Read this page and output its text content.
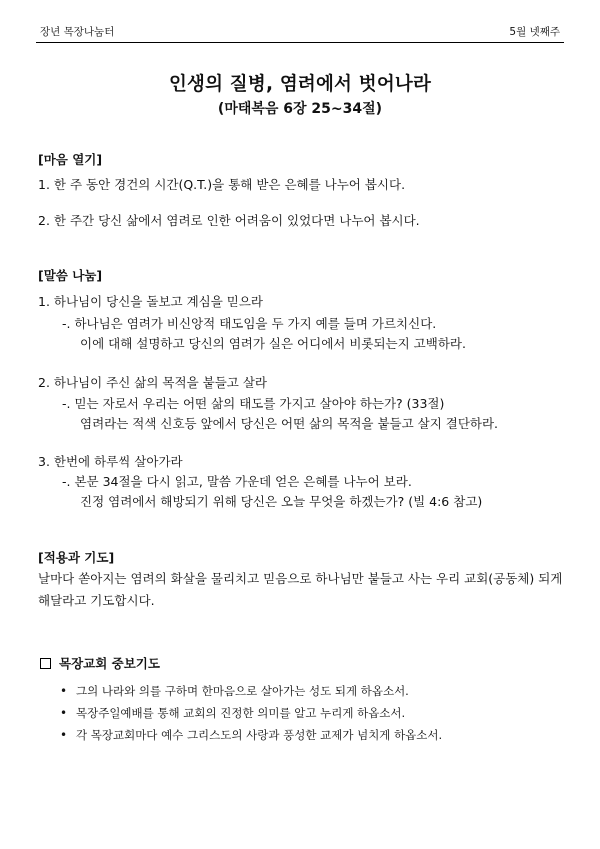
장년 목장나눔터	5월 넷째주
인생의 질병, 염려에서 벗어나라
(마태복음 6장 25~34절)
[마음 열기]
1. 한 주 동안 경건의 시간(Q.T.)을 통해 받은 은혜를 나누어 봅시다.
2. 한 주간 당신 삶에서 염려로 인한 어려움이 있었다면 나누어 봅시다.
[말씀 나눔]
1. 하나님이 당신을 돌보고 계심을 믿으라
-. 하나님은 염려가 비신앙적 태도임을 두 가지 예를 들며 가르치신다.
이에 대해 설명하고 당신의 염려가 실은 어디에서 비롯되는지 고백하라.
2. 하나님이 주신 삶의 목적을 붙들고 살라
-. 믿는 자로서 우리는 어떤 삶의 태도를 가지고 살아야 하는가? (33절)
염려라는 적색 신호등 앞에서 당신은 어떤 삶의 목적을 붙들고 살지 결단하라.
3. 한번에 하루씩 살아가라
-. 본문 34절을 다시 읽고, 말씀 가운데 얻은 은혜를 나누어 보라.
진정 염려에서 해방되기 위해 당신은 오늘 무엇을 하겠는가? (빌 4:6 참고)
[적용과 기도]
날마다 쏟아지는 염려의 화살을 물리치고 믿음으로 하나님만 붙들고 사는 우리 교회(공동체) 되게 해달라고 기도합시다.
목장교회 중보기도
• 그의 나라와 의를 구하며 한마음으로 살아가는 성도 되게 하옵소서.
• 목장주일예배를 통해 교회의 진정한 의미를 알고 누리게 하옵소서.
• 각 목장교회마다 예수 그리스도의 사랑과 풍성한 교제가 넘치게 하옵소서.
